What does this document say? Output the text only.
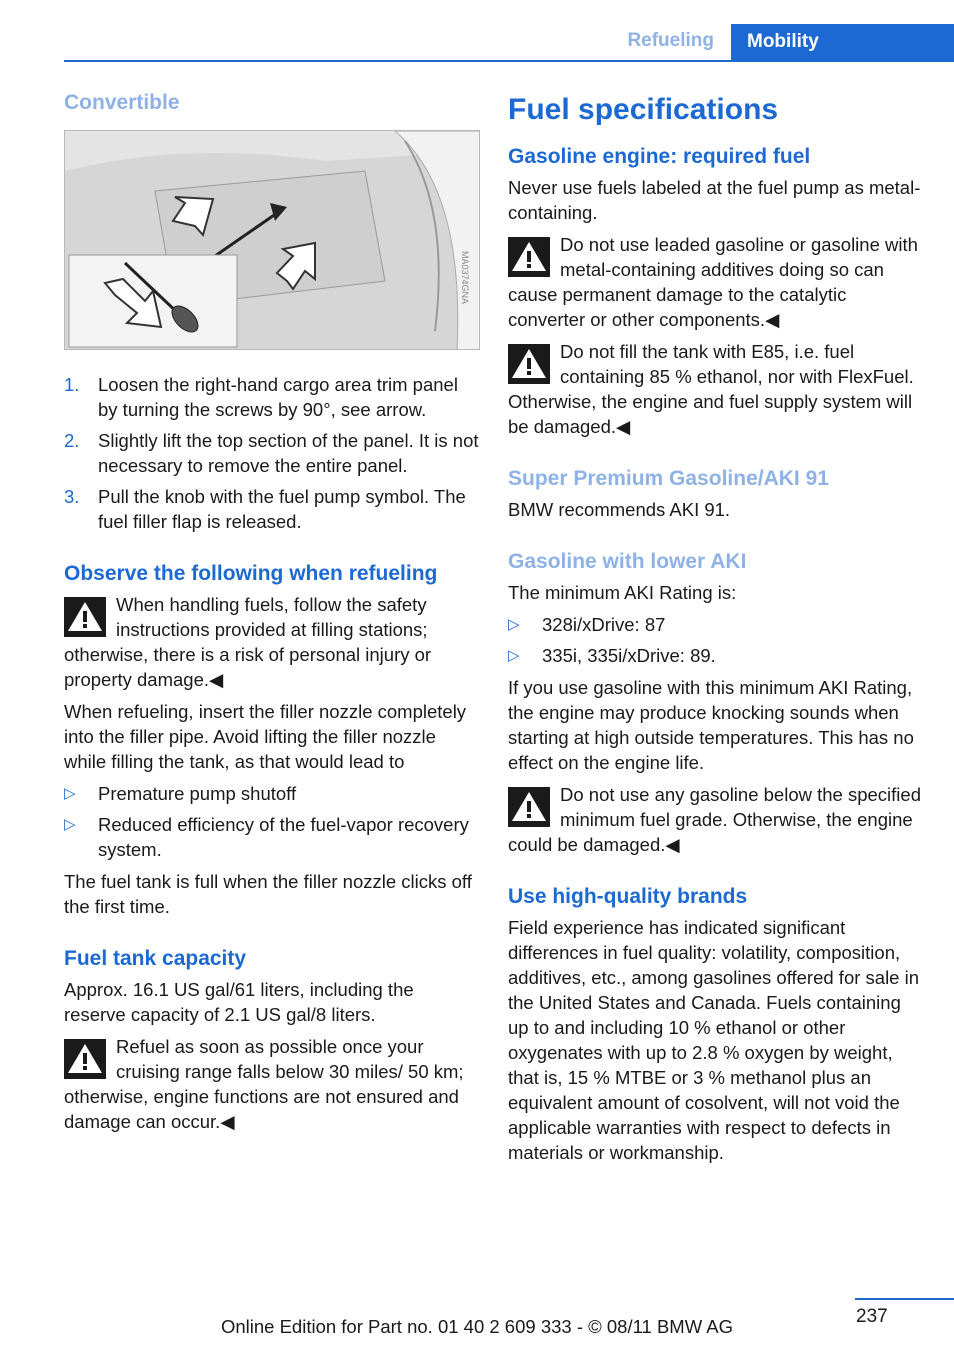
Refueling	Mobility
Convertible
MA0374GNA
1. Loosen the right-hand cargo area trim panel by turning the screws by 90°, see arrow.
2. Slightly lift the top section of the panel. It is not necessary to remove the entire panel.
3. Pull the knob with the fuel pump symbol. The fuel filler flap is released.
Observe the following when refueling
When handling fuels, follow the safety instructions provided at filling stations; otherwise, there is a risk of personal injury or property damage.◀

When refueling, insert the filler nozzle completely into the filler pipe. Avoid lifting the filler nozzle while filling the tank, as that would lead to

▷ Premature pump shutoff
▷ Reduced efficiency of the fuel-vapor recovery system.

The fuel tank is full when the filler nozzle clicks off the first time.

Fuel tank capacity

Approx. 16.1 US gal/61 liters, including the reserve capacity of 2.1 US gal/8 liters.

Refuel as soon as possible once your cruising range falls below 30 miles/ 50 km; otherwise, engine functions are not ensured and damage can occur.◀
Fuel specifications
Gasoline engine: required fuel

Never use fuels labeled at the fuel pump as metal-containing.

Do not use leaded gasoline or gasoline with metal-containing additives doing so can cause permanent damage to the catalytic converter or other components.◀
Do not fill the tank with E85, i.e. fuel containing 85 % ethanol, nor with FlexFuel. Otherwise, the engine and fuel supply system will be damaged.◀
Super Premium Gasoline/AKI 91

BMW recommends AKI 91.

Gasoline with lower AKI

The minimum AKI Rating is:

▷ 328i/xDrive: 87
▷ 335i, 335i/xDrive: 89.

If you use gasoline with this minimum AKI Rating, the engine may produce knocking sounds when starting at high outside temperatures. This has no effect on the engine life.

Do not use any gasoline below the specified minimum fuel grade. Otherwise, the engine could be damaged.◀
Use high-quality brands

Field experience has indicated significant differences in fuel quality: volatility, composition, additives, etc., among gasolines offered for sale in the United States and Canada. Fuels containing up to and including 10 % ethanol or other oxygenates with up to 2.8 % oxygen by weight, that is, 15 % MTBE or 3 % methanol plus an equivalent amount of cosolvent, will not void the applicable warranties with respect to defects in materials or workmanship.

Online Edition for Part no. 01 40 2 609 333 - © 08/11 BMW AG	237
